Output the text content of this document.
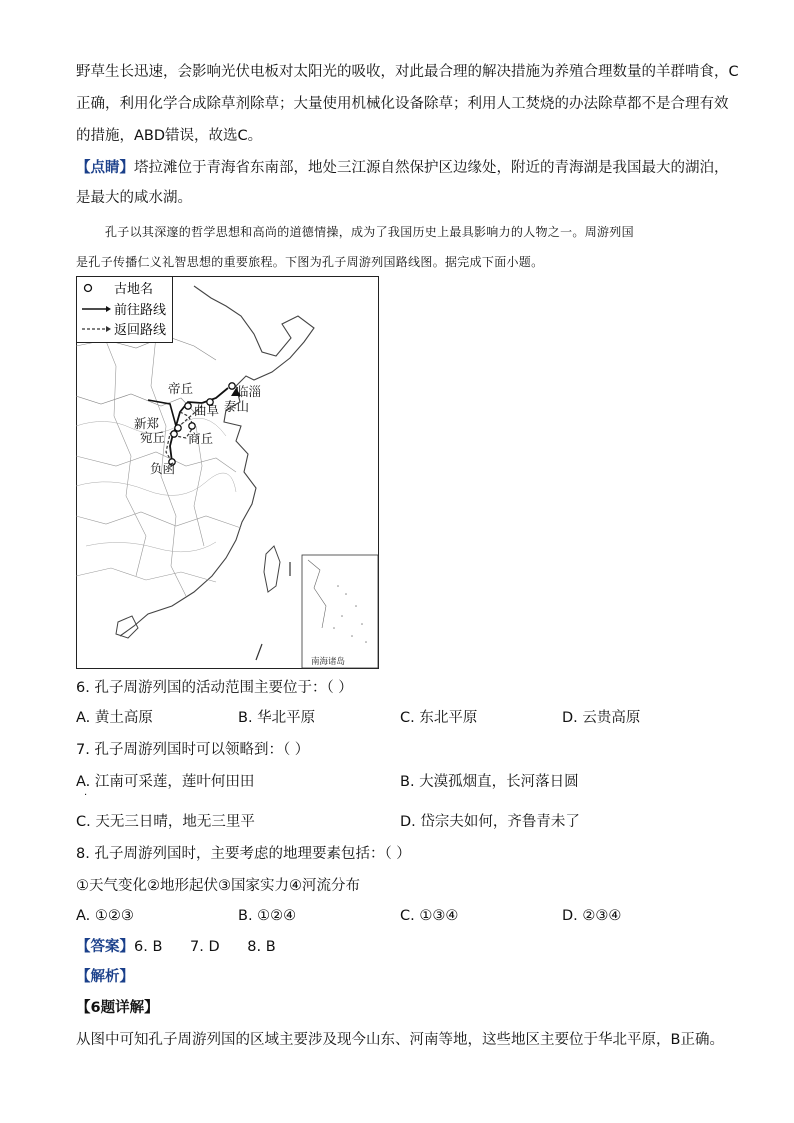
野草生长迅速，会影响光伏电板对太阳光的吸收，对此最合理的解决措施为养殖合理数量的羊群啃食，C
正确，利用化学合成除草剂除草；大量使用机械化设备除草；利用人工焚烧的办法除草都不是合理有效
的措施，ABD错误，故选C。
【点睛】塔拉滩位于青海省东南部，地处三江源自然保护区边缘处，附近的青海湖是我国最大的湖泊，
是最大的咸水湖。
孔子以其深邃的哲学思想和高尚的道德情操，成为了我国历史上最具影响力的人物之一。周游列国
是孔子传播仁义礼智思想的重要旅程。下图为孔子周游列国路线图。据完成下面小题。
古地名
前往路线
返回路线
帝丘	临淄
曲阜 泰山
新郑
宛丘 商丘
负函
南海诸岛
6. 孔子周游列国的活动范围主要位于：（ ）
A. 黄土高原	B. 华北平原	C. 东北平原	D. 云贵高原
7. 孔子周游列国时可以领略到：（ ）
A. 江南可采莲，莲叶何田田	B. 大漠孤烟直，长河落日圆
·
C. 天无三日晴，地无三里平	D. 岱宗夫如何，齐鲁青未了
8. 孔子周游列国时，主要考虑的地理要素包括：（ ）
①天气变化②地形起伏③国家实力④河流分布
A. ①②③	B. ①②④	C. ①③④	D. ②③④
【答案】6. B      7. D      8. B
【解析】
【6题详解】
从图中可知孔子周游列国的区域主要涉及现今山东、河南等地，这些地区主要位于华北平原，B正确。
